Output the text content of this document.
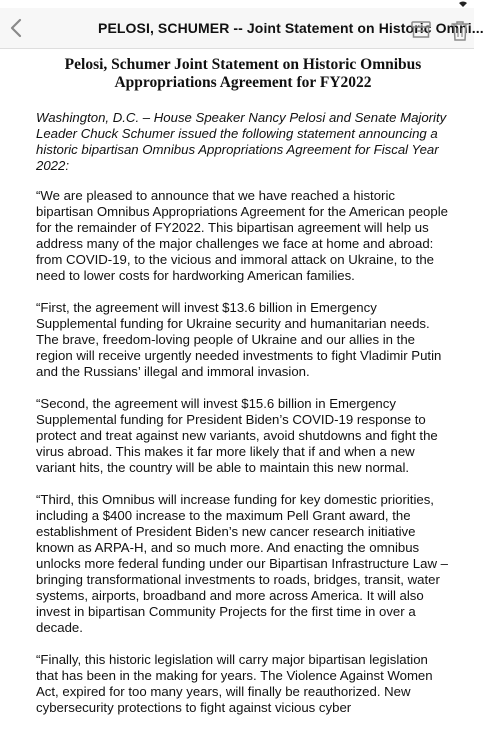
PELOSI, SCHUMER -- Joint Statement on Historic Omni...
Pelosi, Schumer Joint Statement on Historic Omnibus Appropriations Agreement for FY2022

Washington, D.C. – House Speaker Nancy Pelosi and Senate Majority Leader Chuck Schumer issued the following statement announcing a historic bipartisan Omnibus Appropriations Agreement for Fiscal Year 2022:

“We are pleased to announce that we have reached a historic bipartisan Omnibus Appropriations Agreement for the American people for the remainder of FY2022. This bipartisan agreement will help us address many of the major challenges we face at home and abroad: from COVID-19, to the vicious and immoral attack on Ukraine, to the need to lower costs for hardworking American families.

“First, the agreement will invest $13.6 billion in Emergency Supplemental funding for Ukraine security and humanitarian needs. The brave, freedom-loving people of Ukraine and our allies in the region will receive urgently needed investments to fight Vladimir Putin and the Russians’ illegal and immoral invasion.

“Second, the agreement will invest $15.6 billion in Emergency Supplemental funding for President Biden’s COVID-19 response to protect and treat against new variants, avoid shutdowns and fight the virus abroad. This makes it far more likely that if and when a new variant hits, the country will be able to maintain this new normal.

“Third, this Omnibus will increase funding for key domestic priorities, including a $400 increase to the maximum Pell Grant award, the establishment of President Biden’s new cancer research initiative known as ARPA-H, and so much more. And enacting the omnibus unlocks more federal funding under our Bipartisan Infrastructure Law – bringing transformational investments to roads, bridges, transit, water systems, airports, broadband and more across America. It will also invest in bipartisan Community Projects for the first time in over a decade.

“Finally, this historic legislation will carry major bipartisan legislation that has been in the making for years. The Violence Against Women Act, expired for too many years, will finally be reauthorized. New cybersecurity protections to fight against vicious cyber
